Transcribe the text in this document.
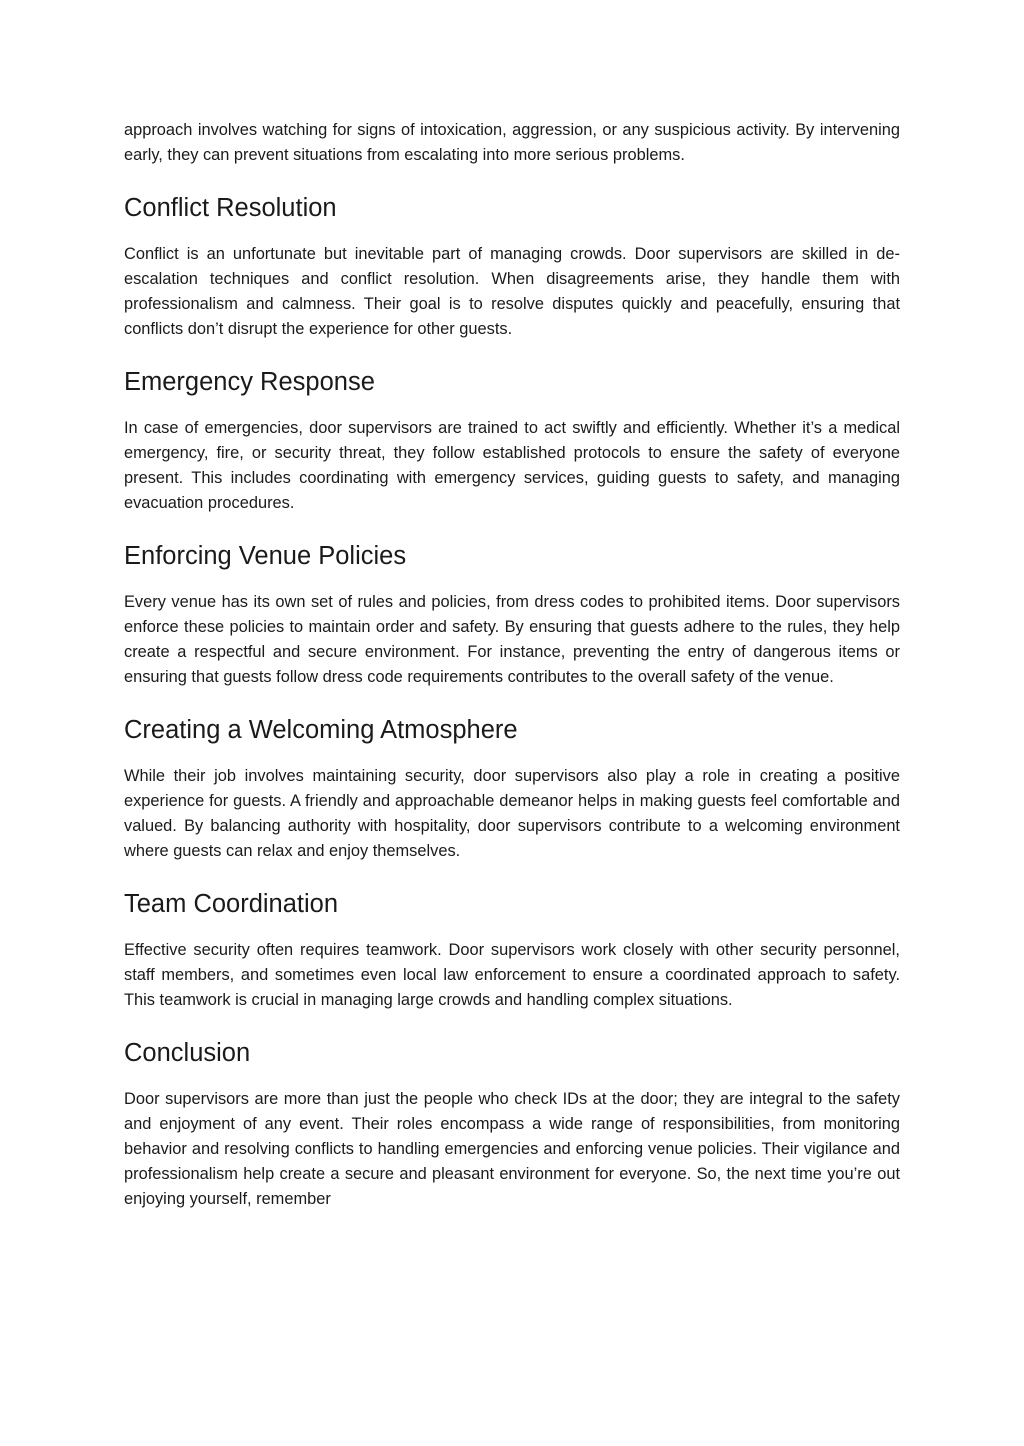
approach involves watching for signs of intoxication, aggression, or any suspicious activity. By intervening early, they can prevent situations from escalating into more serious problems.

Conflict Resolution

Conflict is an unfortunate but inevitable part of managing crowds. Door supervisors are skilled in de-escalation techniques and conflict resolution. When disagreements arise, they handle them with professionalism and calmness. Their goal is to resolve disputes quickly and peacefully, ensuring that conflicts don’t disrupt the experience for other guests.

Emergency Response

In case of emergencies, door supervisors are trained to act swiftly and efficiently. Whether it’s a medical emergency, fire, or security threat, they follow established protocols to ensure the safety of everyone present. This includes coordinating with emergency services, guiding guests to safety, and managing evacuation procedures.

Enforcing Venue Policies

Every venue has its own set of rules and policies, from dress codes to prohibited items. Door supervisors enforce these policies to maintain order and safety. By ensuring that guests adhere to the rules, they help create a respectful and secure environment. For instance, preventing the entry of dangerous items or ensuring that guests follow dress code requirements contributes to the overall safety of the venue.

Creating a Welcoming Atmosphere

While their job involves maintaining security, door supervisors also play a role in creating a positive experience for guests. A friendly and approachable demeanor helps in making guests feel comfortable and valued. By balancing authority with hospitality, door supervisors contribute to a welcoming environment where guests can relax and enjoy themselves.

Team Coordination

Effective security often requires teamwork. Door supervisors work closely with other security personnel, staff members, and sometimes even local law enforcement to ensure a coordinated approach to safety. This teamwork is crucial in managing large crowds and handling complex situations.

Conclusion

Door supervisors are more than just the people who check IDs at the door; they are integral to the safety and enjoyment of any event. Their roles encompass a wide range of responsibilities, from monitoring behavior and resolving conflicts to handling emergencies and enforcing venue policies. Their vigilance and professionalism help create a secure and pleasant environment for everyone. So, the next time you’re out enjoying yourself, remember
